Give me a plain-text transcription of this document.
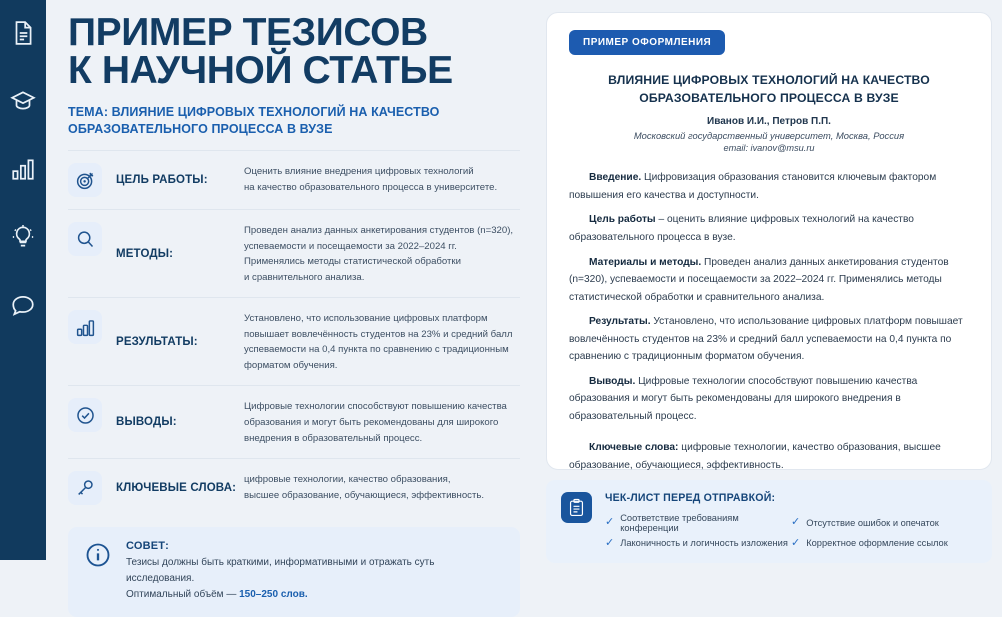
ПРИМЕР ТЕЗИСОВ
К НАУЧНОЙ СТАТЬЕ
ТЕМА: ВЛИЯНИЕ ЦИФРОВЫХ ТЕХНОЛОГИЙ НА КАЧЕСТВО
ОБРАЗОВАТЕЛЬНОГО ПРОЦЕССА В ВУЗЕ
ЦЕЛЬ РАБОТЫ:
Оценить влияние внедрения цифровых технологий
на качество образовательного процесса в университете.
МЕТОДЫ:
Проведен анализ данных анкетирования студентов (n=320),
успеваемости и посещаемости за 2022–2024 гг.
Применялись методы статистической обработки
и сравнительного анализа.
РЕЗУЛЬТАТЫ:
Установлено, что использование цифровых платформ
повышает вовлечённость студентов на 23% и средний балл
успеваемости на 0,4 пункта по сравнению с традиционным
форматом обучения.
ВЫВОДЫ:
Цифровые технологии способствуют повышению качества
образования и могут быть рекомендованы для широкого
внедрения в образовательный процесс.
КЛЮЧЕВЫЕ СЛОВА:
цифровые технологии, качество образования,
высшее образование, обучающиеся, эффективность.
СОВЕТ:
Тезисы должны быть краткими, информативными и отражать суть исследования.
Оптимальный объём — 150–250 слов.
ПРИМЕР ОФОРМЛЕНИЯ
ВЛИЯНИЕ ЦИФРОВЫХ ТЕХНОЛОГИЙ НА КАЧЕСТВО
ОБРАЗОВАТЕЛЬНОГО ПРОЦЕССА В ВУЗЕ
Иванов И.И., Петров П.П.
Московский государственный университет, Москва, Россия
email: ivanov@msu.ru
Введение. Цифровизация образования становится ключевым фактором повышения его качества и доступности.
Цель работы – оценить влияние цифровых технологий на качество образовательного процесса в вузе.
Материалы и методы. Проведен анализ данных анкетирования студентов (n=320), успеваемости и посещаемости за 2022–2024 гг. Применялись методы статистической обработки и сравнительного анализа.
Результаты. Установлено, что использование цифровых платформ повышает вовлечённость студентов на 23% и средний балл успеваемости на 0,4 пункта по сравнению с традиционным форматом обучения.
Выводы. Цифровые технологии способствуют повышению качества образования и могут быть рекомендованы для широкого внедрения в образовательный процесс.
Ключевые слова: цифровые технологии, качество образования, высшее образование, обучающиеся, эффективность.
ЧЕК-ЛИСТ ПЕРЕД ОТПРАВКОЙ:
✓ Соответствие требованиям конференции	✓ Отсутствие ошибок и опечаток
✓ Лаконичность и логичность изложения ✓ Корректное оформление ссылок
